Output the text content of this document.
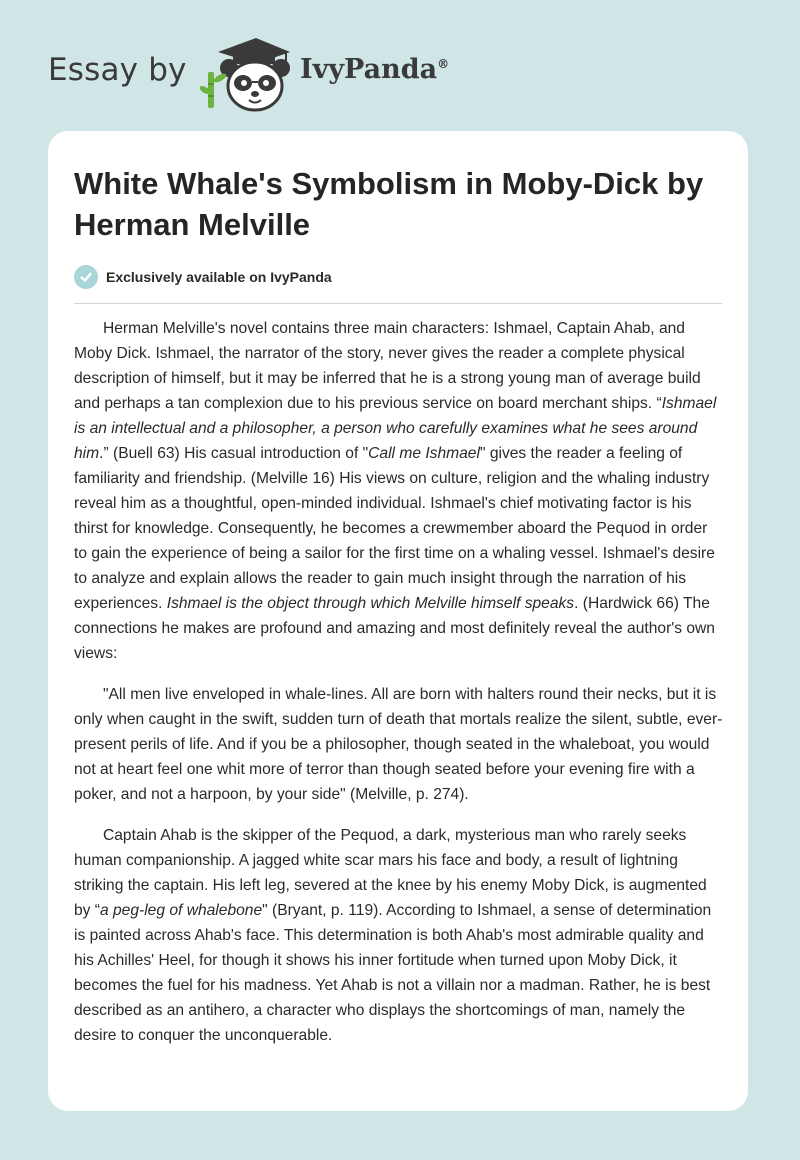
Essay by	IvyPanda®
White Whale's Symbolism in Moby-Dick by Herman Melville
Exclusively available on IvyPanda

Herman Melville's novel contains three main characters: Ishmael, Captain Ahab, and Moby Dick. Ishmael, the narrator of the story, never gives the reader a complete physical description of himself, but it may be inferred that he is a strong young man of average build and perhaps a tan complexion due to his previous service on board merchant ships. “Ishmael is an intellectual and a philosopher, a person who carefully examines what he sees around him.” (Buell 63) His casual introduction of "Call me Ishmael" gives the reader a feeling of familiarity and friendship. (Melville 16) His views on culture, religion and the whaling industry reveal him as a thoughtful, open-minded individual. Ishmael's chief motivating factor is his thirst for knowledge. Consequently, he becomes a crewmember aboard the Pequod in order to gain the experience of being a sailor for the first time on a whaling vessel. Ishmael's desire to analyze and explain allows the reader to gain much insight through the narration of his experiences. Ishmael is the object through which Melville himself speaks. (Hardwick 66) The connections he makes are profound and amazing and most definitely reveal the author's own views:

"All men live enveloped in whale-lines. All are born with halters round their necks, but it is only when caught in the swift, sudden turn of death that mortals realize the silent, subtle, ever-present perils of life. And if you be a philosopher, though seated in the whaleboat, you would not at heart feel one whit more of terror than though seated before your evening fire with a poker, and not a harpoon, by your side" (Melville, p. 274).

Captain Ahab is the skipper of the Pequod, a dark, mysterious man who rarely seeks human companionship. A jagged white scar mars his face and body, a result of lightning striking the captain. His left leg, severed at the knee by his enemy Moby Dick, is augmented by “a peg-leg of whalebone" (Bryant, p. 119). According to Ishmael, a sense of determination is painted across Ahab's face. This determination is both Ahab's most admirable quality and his Achilles' Heel, for though it shows his inner fortitude when turned upon Moby Dick, it becomes the fuel for his madness. Yet Ahab is not a villain nor a madman. Rather, he is best described as an antihero, a character who displays the shortcomings of man, namely the desire to conquer the unconquerable.
